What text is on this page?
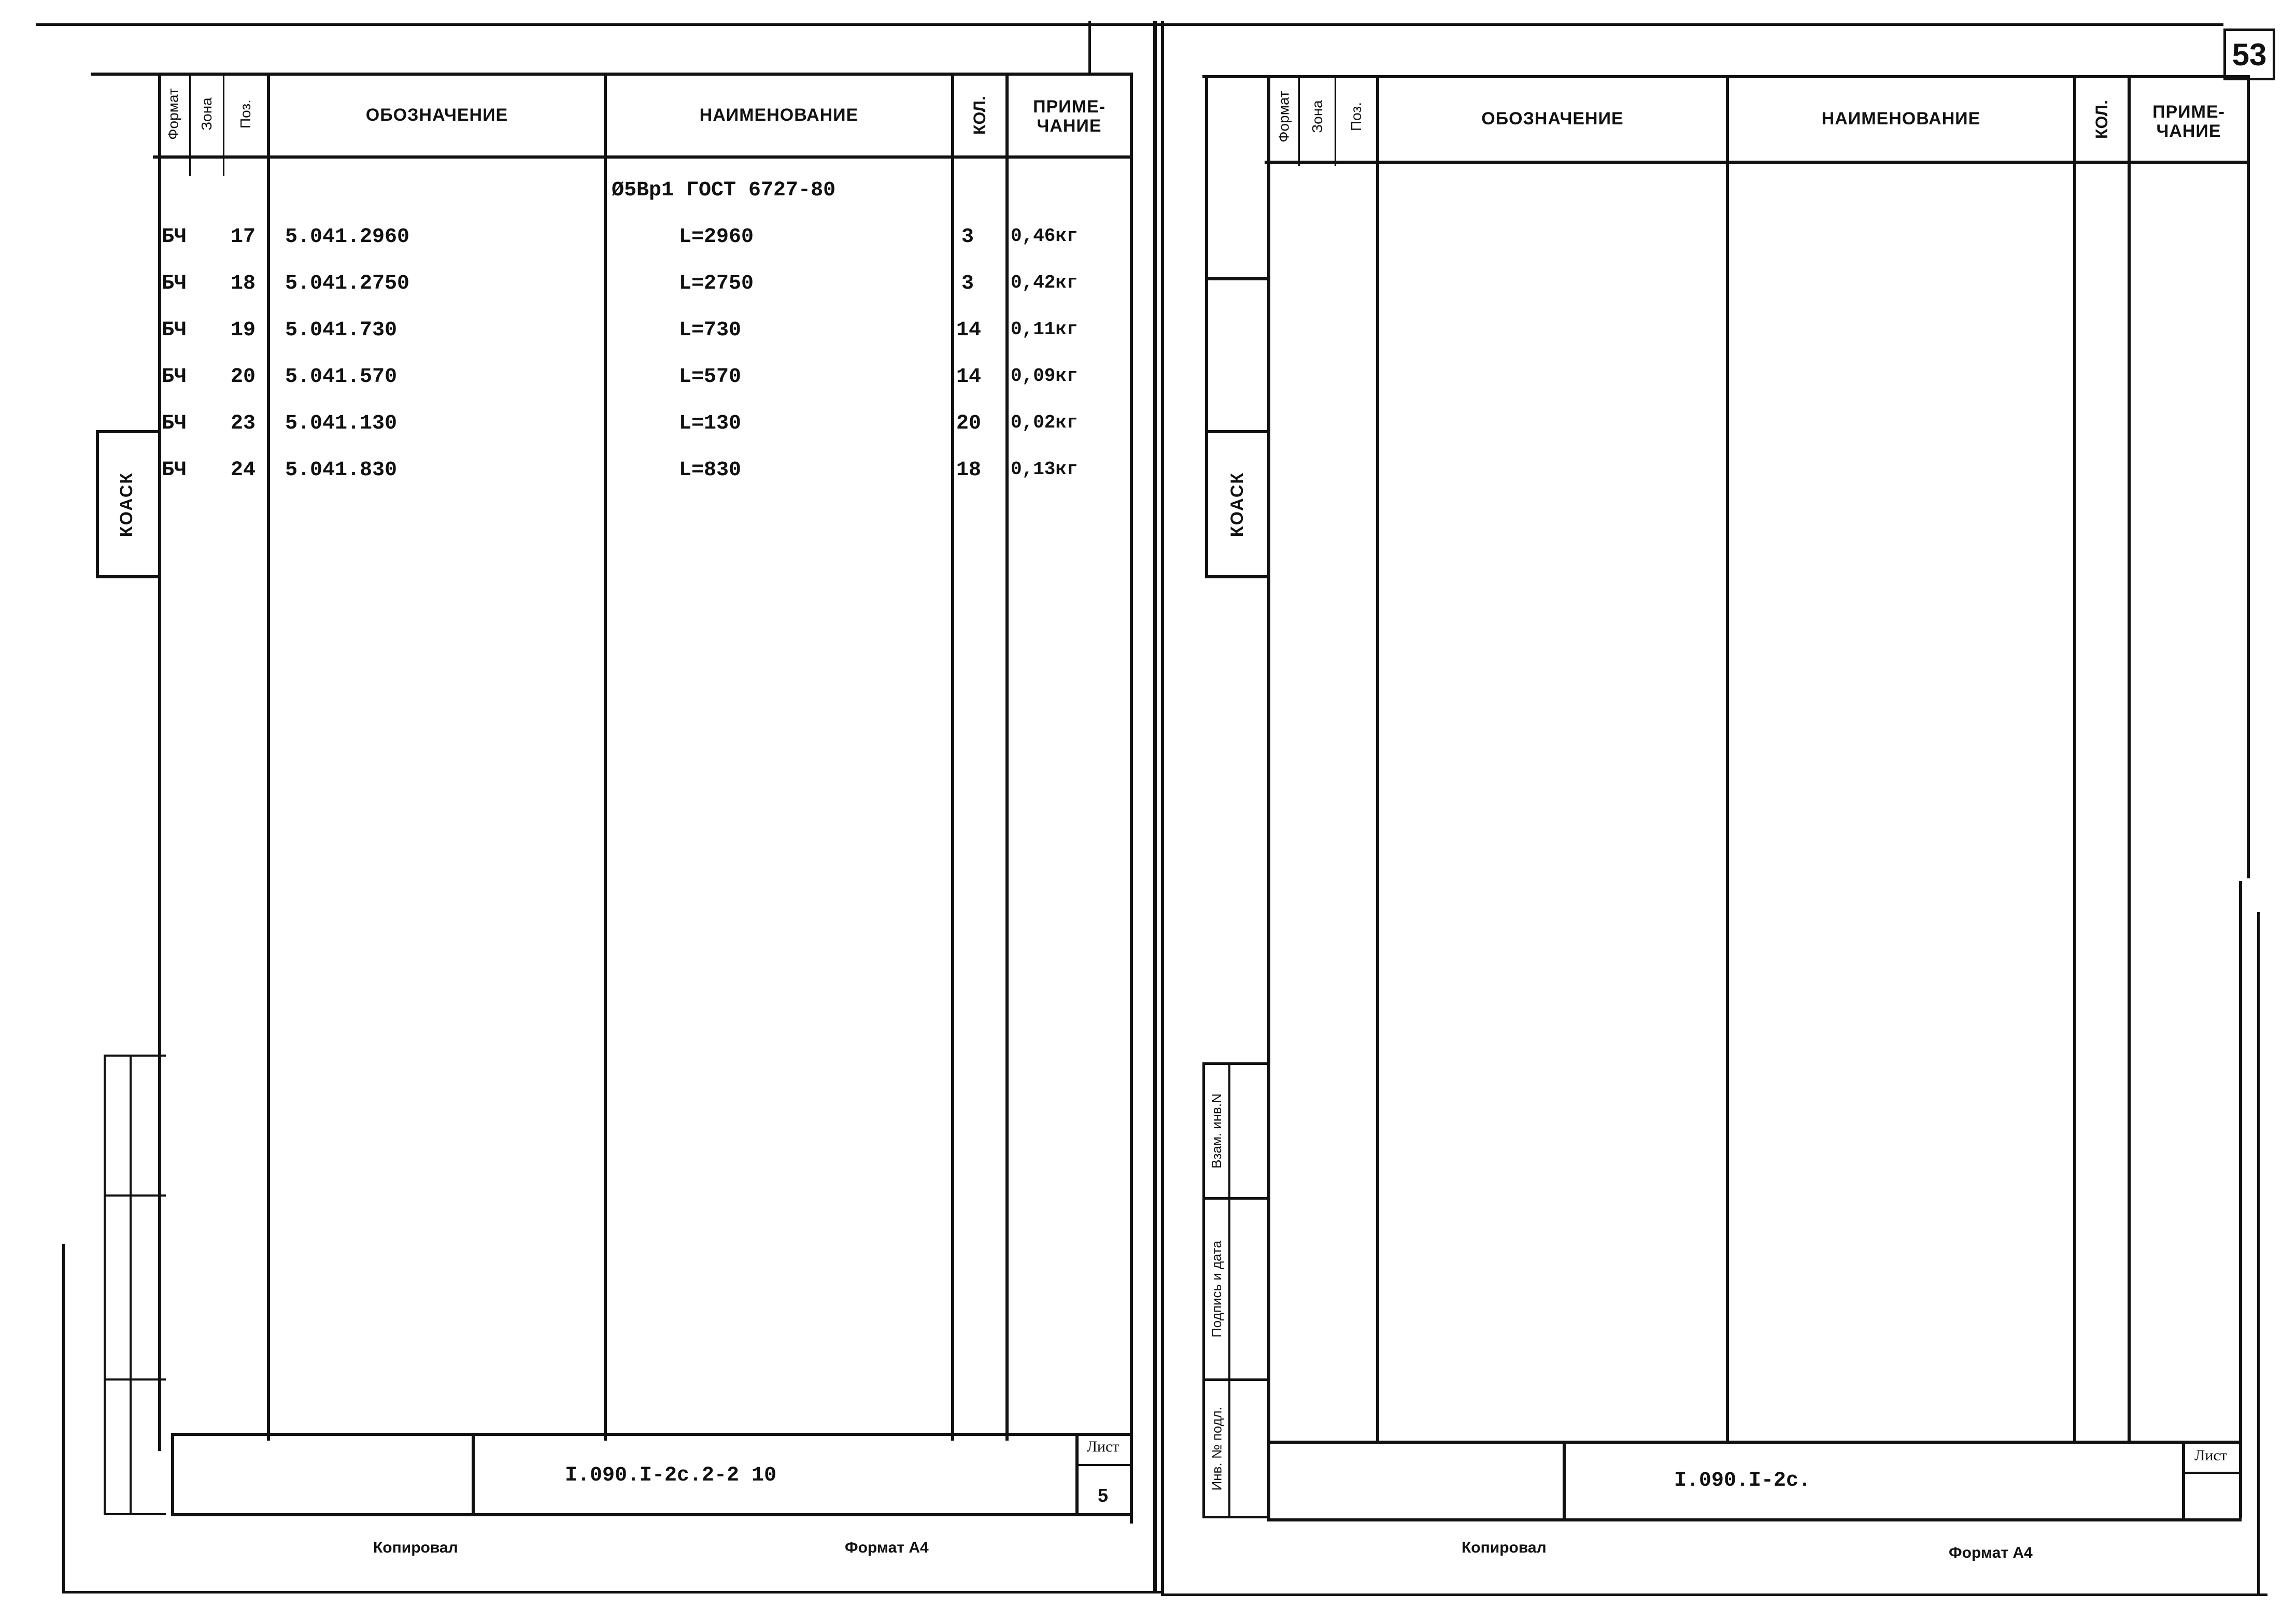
Формат Зона Поз.	ОБОЗНАЧЕНИЕ	НАИМЕНОВАНИЕ	КОЛ.	ПРИМЕ-
ЧАНИЕ
Ø5Вр1 ГОСТ 6727-80
БЧ 17 5.041.2960	L=2960	3 0,46кг
БЧ 18 5.041.2750	L=2750	3 0,42кг
БЧ 19 5.041.730	L=730	14 0,11кг
БЧ 20 5.041.570	L=570	14 0,09кг
БЧ 23 5.041.130	L=130	20 0,02кг
БЧ 24 5.041.830	L=830	18 0,13кг
КОАСК
I.090.I-2c.2-2 10
Лист
5
Копировал	Формат А4
53
Формат Зона Поз.	ОБОЗНАЧЕНИЕ	НАИМЕНОВАНИЕ	КОЛ. ПРИМЕ-
ЧАНИЕ
КОАСК
Взам. инв.N
Подпись и дата
Инв. № подл.	I.090.I-2c.
Лист
Копировал	Формат А4
